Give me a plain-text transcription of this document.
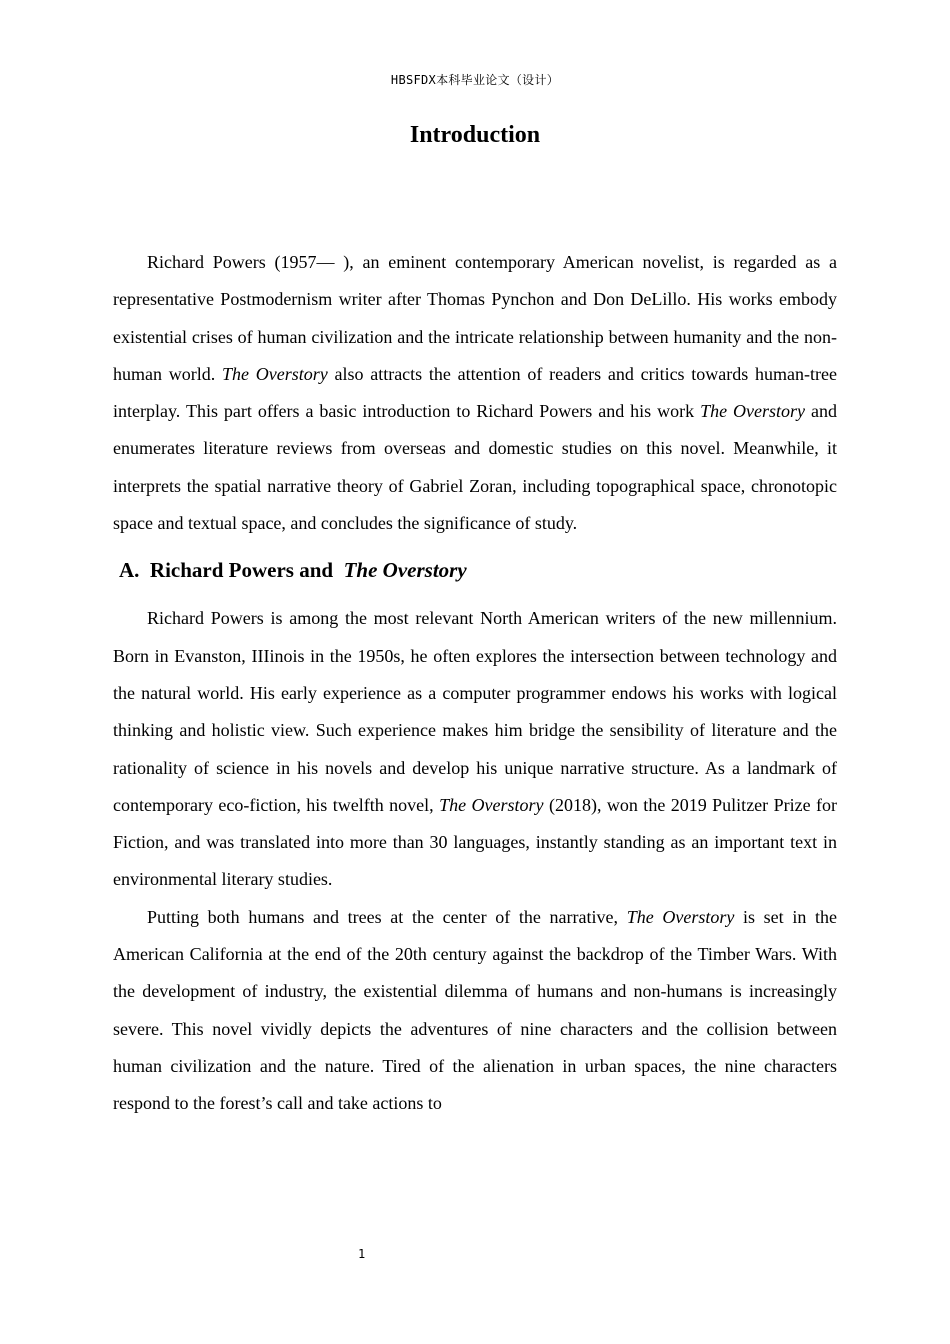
HBSFDX本科毕业论文（设计）
Introduction

Richard Powers (1957— ), an eminent contemporary American novelist, is regarded as a representative Postmodernism writer after Thomas Pynchon and Don DeLillo. His works embody existential crises of human civilization and the intricate relationship between humanity and the non-human world. The Overstory also attracts the attention of readers and critics towards human-tree interplay. This part offers a basic introduction to Richard Powers and his work The Overstory and enumerates literature reviews from overseas and domestic studies on this novel. Meanwhile, it interprets the spatial narrative theory of Gabriel Zoran, including topographical space, chronotopic space and textual space, and concludes the significance of study.

A. Richard Powers and The Overstory

Richard Powers is among the most relevant North American writers of the new millennium. Born in Evanston, IIIinois in the 1950s, he often explores the intersection between technology and the natural world. His early experience as a computer programmer endows his works with logical thinking and holistic view. Such experience makes him bridge the sensibility of literature and the rationality of science in his novels and develop his unique narrative structure. As a landmark of contemporary eco-fiction, his twelfth novel, The Overstory (2018), won the 2019 Pulitzer Prize for Fiction, and was translated into more than 30 languages, instantly standing as an important text in environmental literary studies.

Putting both humans and trees at the center of the narrative, The Overstory is set in the American California at the end of the 20th century against the backdrop of the Timber Wars. With the development of industry, the existential dilemma of humans and non-humans is increasingly severe. This novel vividly depicts the adventures of nine characters and the collision between human civilization and the nature. Tired of the alienation in urban spaces, the nine characters respond to the forest’s call and take actions to

1
